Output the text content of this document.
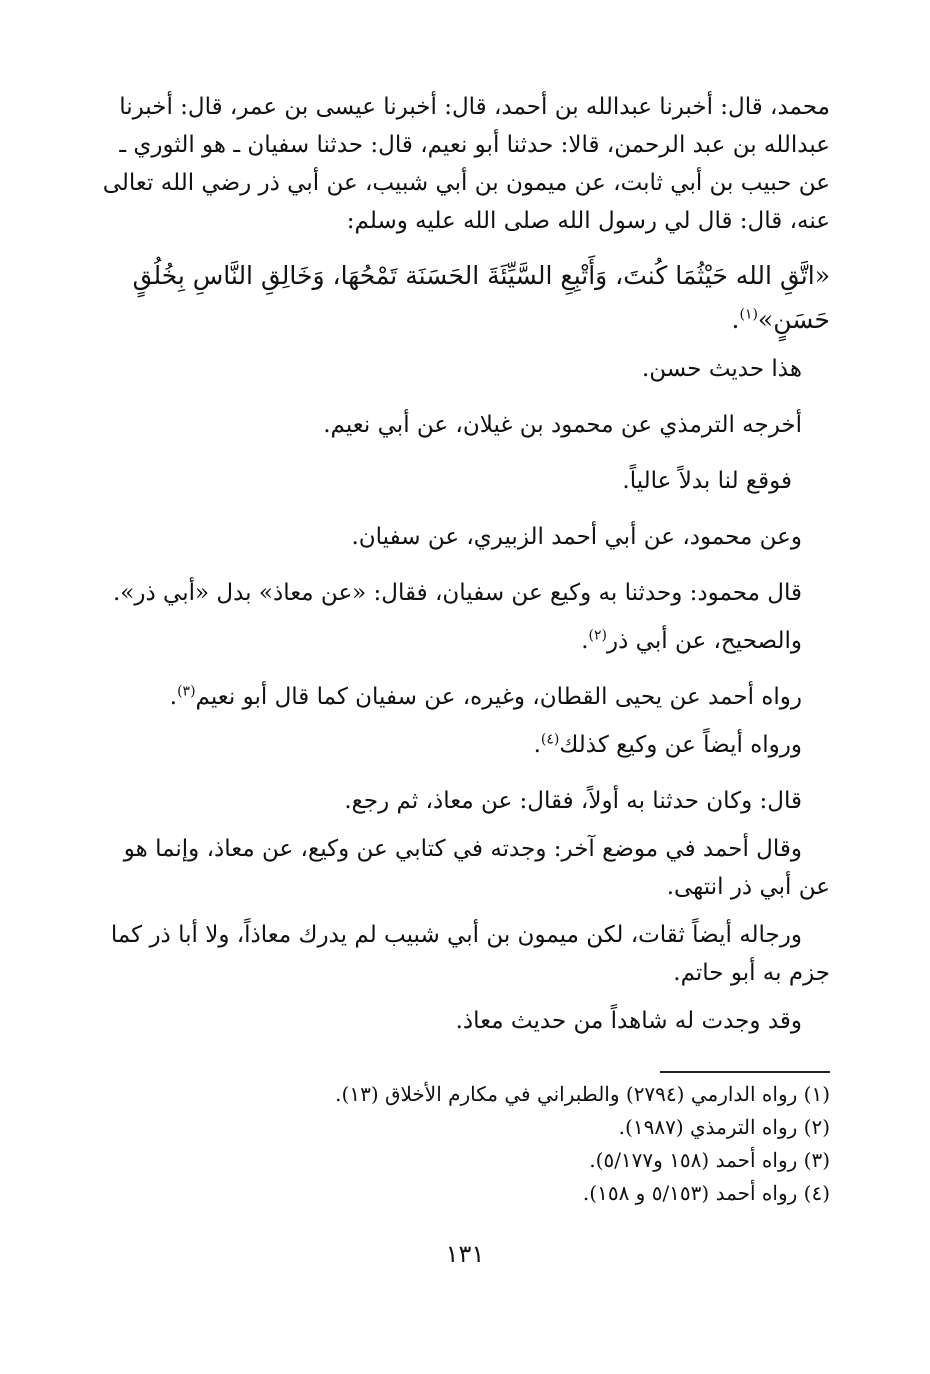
محمد، قال: أخبرنا عبدالله بن أحمد، قال: أخبرنا عيسى بن عمر، قال: أخبرنا
عبدالله بن عبد الرحمن، قالا: حدثنا أبو نعيم، قال: حدثنا سفيان ـ هو الثوري ـ
عن حبيب بن أبي ثابت، عن ميمون بن أبي شبيب، عن أبي ذر رضي الله تعالى
عنه، قال: قال لي رسول الله صلى الله عليه وسلم:
«اتَّقِ الله حَيْثُمَا كُنتَ، وَأَتْبِعِ السَّيِّئَةَ الحَسَنَة تَمْحُهَا، وَخَالِقِ النَّاسِ بِخُلُقٍ
حَسَنٍ»$^{(١)}$.
هذا حديث حسن.
أخرجه الترمذي عن محمود بن غيلان، عن أبي نعيم.
فوقع لنا بدلاً عالياً.
وعن محمود، عن أبي أحمد الزبيري، عن سفيان.
قال محمود: وحدثنا به وكيع عن سفيان، فقال: «عن معاذ» بدل «أبي ذر».
والصحيح، عن أبي ذر$^{(٢)}$.
رواه أحمد عن يحيى القطان، وغيره، عن سفيان كما قال أبو نعيم$^{(٣)}$.
ورواه أيضاً عن وكيع كذلك$^{(٤)}$.
قال: وكان حدثنا به أولاً، فقال: عن معاذ، ثم رجع.
وقال أحمد في موضع آخر: وجدته في كتابي عن وكيع، عن معاذ، وإنما هو
عن أبي ذر انتهى.
ورجاله أيضاً ثقات، لكن ميمون بن أبي شبيب لم يدرك معاذاً، ولا أبا ذر كما
جزم به أبو حاتم.
وقد وجدت له شاهداً من حديث معاذ.
(١) رواه الدارمي (٢٧٩٤) والطبراني في مكارم الأخلاق (١٣).
(٢) رواه الترمذي (١٩٨٧).
(٣) رواه أحمد (١٥٨ و٥/١٧٧).
(٤) رواه أحمد (٥/١٥٣ و ١٥٨).
١٣١
